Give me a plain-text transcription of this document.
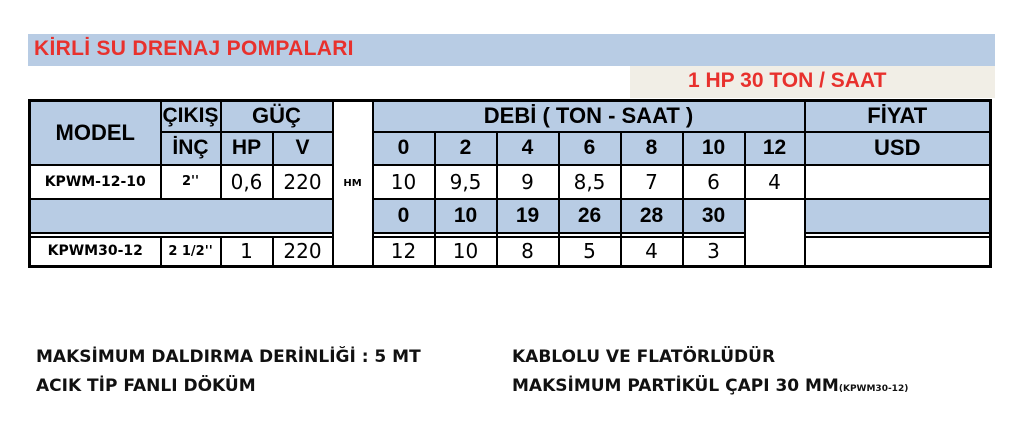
KİRLİ SU DRENAJ POMPALARI
1 HP 30 TON / SAAT
MODEL	ÇIKIŞ	GÜÇ		HM	DEBİ ( TON - SAAT )							FİYAT
	İNÇ	HP	V		0	2	4	6	8	10	12	USD
KPWM-12-10	2''	0,6	220		10	9,5	9	8,5	7	6	4	
					0	10	19	26	28	30		

KPWM30-12	2 1/2''	1	220		12	10	8	5	4	3		
MAKSİMUM DALDIRMA DERİNLİĞİ : 5 MT
ACIK TİP FANLI DÖKÜM
KABLOLU VE FLATÖRLÜDÜR
MAKSİMUM PARTİKÜL ÇAPI 30 MM(KPWM30-12)
